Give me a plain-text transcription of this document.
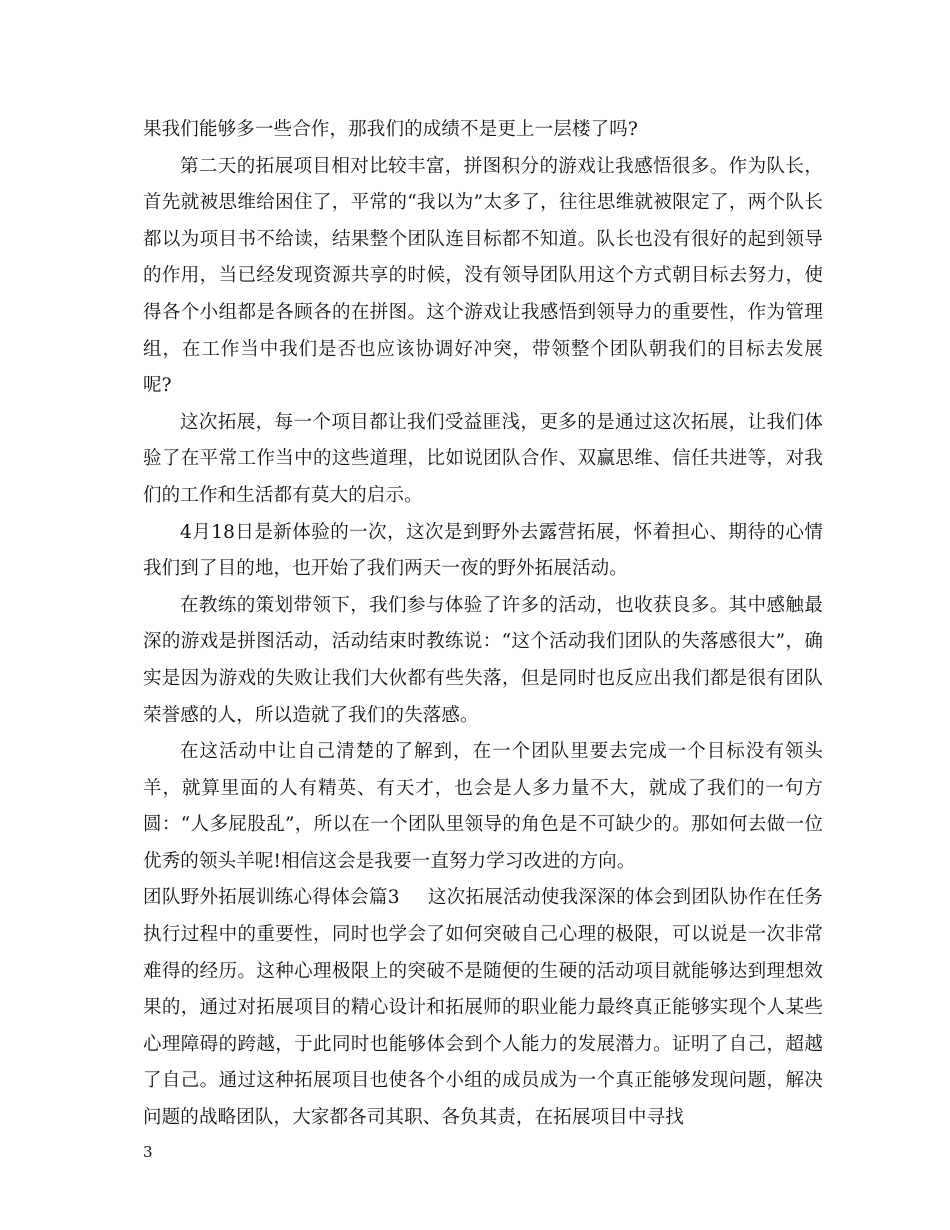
果我们能够多一些合作，那我们的成绩不是更上一层楼了吗?

第二天的拓展项目相对比较丰富，拼图积分的游戏让我感悟很多。作为队长，首先就被思维给困住了，平常的“我以为”太多了，往往思维就被限定了，两个队长都以为项目书不给读，结果整个团队连目标都不知道。队长也没有很好的起到领导的作用，当已经发现资源共享的时候，没有领导团队用这个方式朝目标去努力，使得各个小组都是各顾各的在拼图。这个游戏让我感悟到领导力的重要性，作为管理组，在工作当中我们是否也应该协调好冲突，带领整个团队朝我们的目标去发展呢?

这次拓展，每一个项目都让我们受益匪浅，更多的是通过这次拓展，让我们体验了在平常工作当中的这些道理，比如说团队合作、双赢思维、信任共进等，对我们的工作和生活都有莫大的启示。

4月18日是新体验的一次，这次是到野外去露营拓展，怀着担心、期待的心情我们到了目的地，也开始了我们两天一夜的野外拓展活动。

在教练的策划带领下，我们参与体验了许多的活动，也收获良多。其中感触最深的游戏是拼图活动，活动结束时教练说：“这个活动我们团队的失落感很大”，确实是因为游戏的失败让我们大伙都有些失落，但是同时也反应出我们都是很有团队荣誉感的人，所以造就了我们的失落感。

在这活动中让自己清楚的了解到，在一个团队里要去完成一个目标没有领头羊，就算里面的人有精英、有天才，也会是人多力量不大，就成了我们的一句方圆：“人多屁股乱”，所以在一个团队里领导的角色是不可缺少的。那如何去做一位优秀的领头羊呢!相信这会是我要一直努力学习改进的方向。

团队野外拓展训练心得体会篇3 这次拓展活动使我深深的体会到团队协作在任务执行过程中的重要性，同时也学会了如何突破自己心理的极限，可以说是一次非常难得的经历。这种心理极限上的突破不是随便的生硬的活动项目就能够达到理想效果的，通过对拓展项目的精心设计和拓展师的职业能力最终真正能够实现个人某些心理障碍的跨越，于此同时也能够体会到个人能力的发展潜力。证明了自己，超越了自己。通过这种拓展项目也使各个小组的成员成为一个真正能够发现问题，解决问题的战略团队，大家都各司其职、各负其责，在拓展项目中寻找

3
